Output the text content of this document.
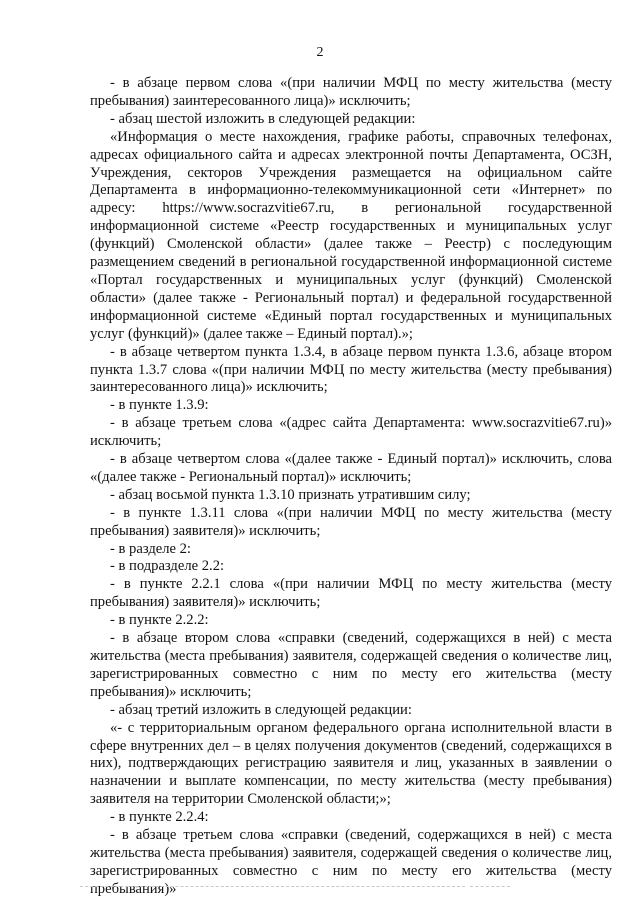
2

- в абзаце первом слова «(при наличии МФЦ по месту жительства (месту пребывания) заинтересованного лица)» исключить;

- абзац шестой изложить в следующей редакции:

«Информация о месте нахождения, графике работы, справочных телефонах, адресах официального сайта и адресах электронной почты Департамента, ОСЗН, Учреждения, секторов Учреждения размещается на официальном сайте Департамента в информационно-телекоммуникационной сети «Интернет» по адресу: https://www.socrazvitie67.ru, в региональной государственной информационной системе «Реестр государственных и муниципальных услуг (функций) Смоленской области» (далее также – Реестр) с последующим размещением сведений в региональной государственной информационной системе «Портал государственных и муниципальных услуг (функций) Смоленской области» (далее также - Региональный портал) и федеральной государственной информационной системе «Единый портал государственных и муниципальных услуг (функций)» (далее также – Единый портал).»;

- в абзаце четвертом пункта 1.3.4, в абзаце первом пункта 1.3.6, абзаце втором пункта 1.3.7 слова «(при наличии МФЦ по месту жительства (месту пребывания) заинтересованного лица)» исключить;

- в пункте 1.3.9:

- в абзаце третьем слова «(адрес сайта Департамента: www.socrazvitie67.ru)» исключить;

- в абзаце четвертом слова «(далее также - Единый портал)» исключить, слова «(далее также - Региональный портал)» исключить;

- абзац восьмой пункта 1.3.10 признать утратившим силу;

- в пункте 1.3.11 слова «(при наличии МФЦ по месту жительства (месту пребывания) заявителя)» исключить;

- в разделе 2:

- в подразделе 2.2:

- в пункте 2.2.1 слова «(при наличии МФЦ по месту жительства (месту пребывания) заявителя)» исключить;

- в пункте 2.2.2:

- в абзаце втором слова «справки (сведений, содержащихся в ней) с места жительства (места пребывания) заявителя, содержащей сведения о количестве лиц, зарегистрированных совместно с ним по месту его жительства (месту пребывания)» исключить;

- абзац третий изложить в следующей редакции:

«- с территориальным органом федерального органа исполнительной власти в сфере внутренних дел – в целях получения документов (сведений, содержащихся в них), подтверждающих регистрацию заявителя и лиц, указанных в заявлении о назначении и выплате компенсации, по месту жительства (месту пребывания) заявителя на территории Смоленской области;»;

- в пункте 2.2.4:

- в абзаце третьем слова «справки (сведений, содержащихся в ней) с места жительства (места пребывания) заявителя, содержащей сведения о количестве лиц, зарегистрированных совместно с ним по месту его жительства (месту пребывания)»
